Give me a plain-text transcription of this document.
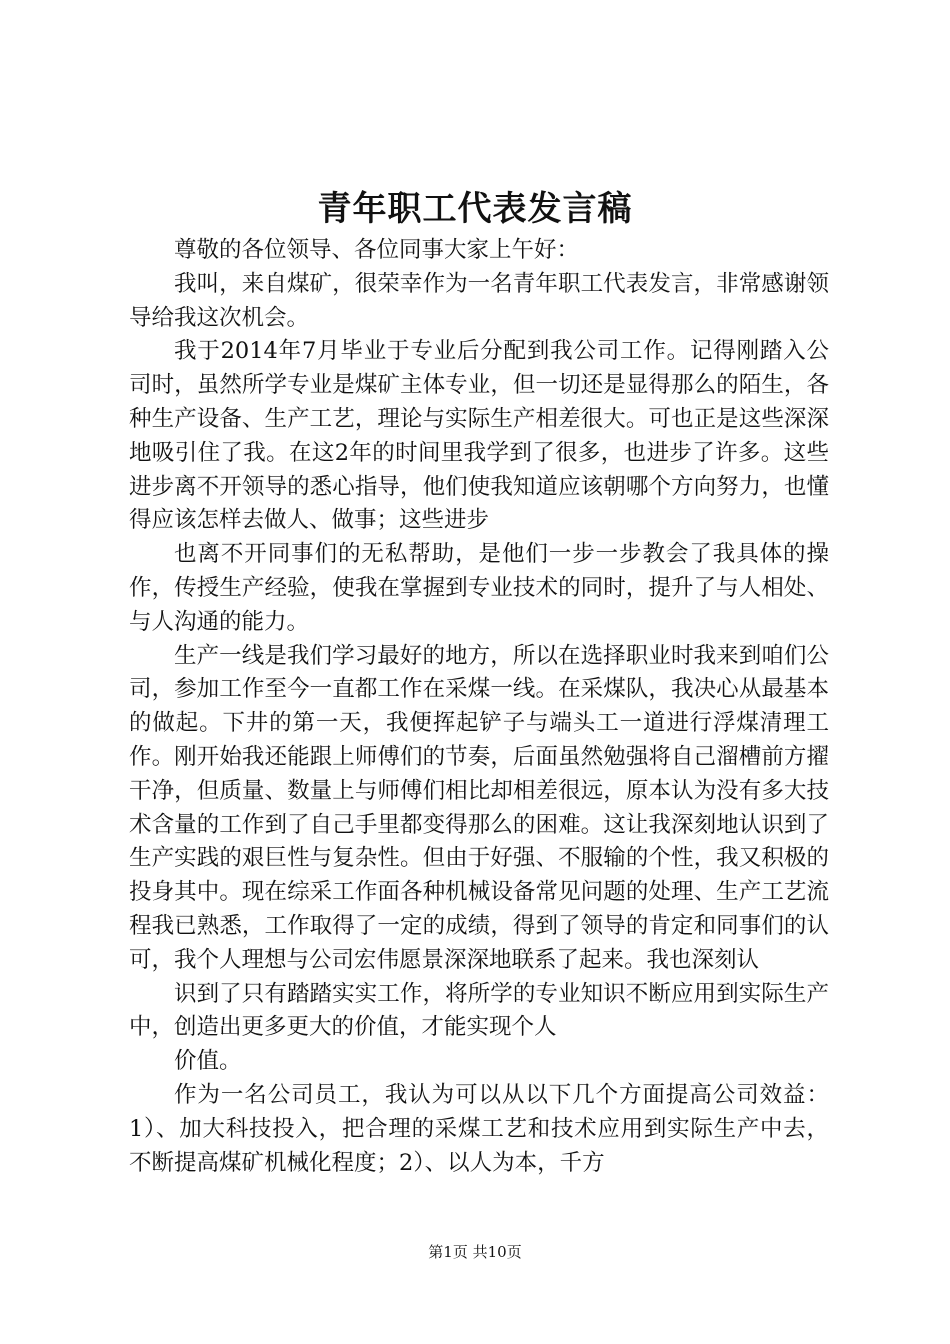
青年职工代表发言稿

尊敬的各位领导、各位同事大家上午好：

我叫，来自煤矿，很荣幸作为一名青年职工代表发言，非常感谢领导给我这次机会。

我于2014年7月毕业于专业后分配到我公司工作。记得刚踏入公司时，虽然所学专业是煤矿主体专业，但一切还是显得那么的陌生，各种生产设备、生产工艺，理论与实际生产相差很大。可也正是这些深深地吸引住了我。在这2年的时间里我学到了很多，也进步了许多。这些进步离不开领导的悉心指导，他们使我知道应该朝哪个方向努力，也懂得应该怎样去做人、做事；这些进步

也离不开同事们的无私帮助，是他们一步一步教会了我具体的操作，传授生产经验，使我在掌握到专业技术的同时，提升了与人相处、与人沟通的能力。

生产一线是我们学习最好的地方，所以在选择职业时我来到咱们公司，参加工作至今一直都工作在采煤一线。在采煤队，我决心从最基本的做起。下井的第一天，我便挥起铲子与端头工一道进行浮煤清理工作。刚开始我还能跟上师傅们的节奏，后面虽然勉强将自己溜槽前方擢干净，但质量、数量上与师傅们相比却相差很远，原本认为没有多大技术含量的工作到了自己手里都变得那么的困难。这让我深刻地认识到了生产实践的艰巨性与复杂性。但由于好强、不服输的个性，我又积极的投身其中。现在综采工作面各种机械设备常见问题的处理、生产工艺流程我已熟悉，工作取得了一定的成绩，得到了领导的肯定和同事们的认可，我个人理想与公司宏伟愿景深深地联系了起来。我也深刻认

识到了只有踏踏实实工作，将所学的专业知识不断应用到实际生产中，创造出更多更大的价值，才能实现个人

价值。

作为一名公司员工，我认为可以从以下几个方面提高公司效益：1）、加大科技投入，把合理的采煤工艺和技术应用到实际生产中去，不断提高煤矿机械化程度；2）、以人为本，千方

第1页 共10页
